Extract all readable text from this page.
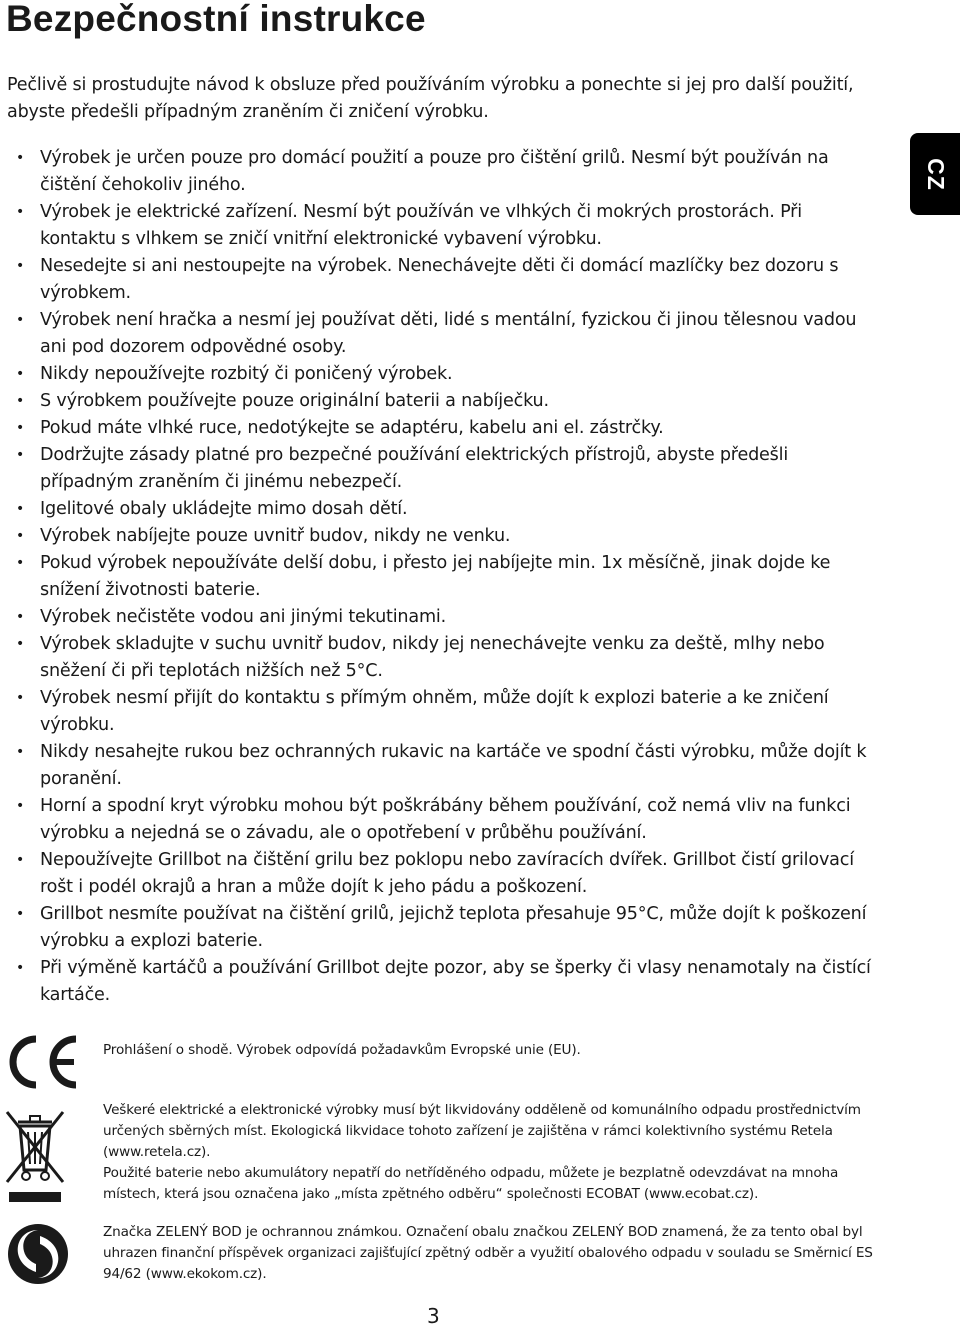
Bezpečnostní instrukce

Pečlivě si prostudujte návod k obsluze před používáním výrobku a ponechte si jej pro další použití, abyste předešli případným zraněním či zničení výrobku.

CZ
• Výrobek je určen pouze pro domácí použití a pouze pro čištění grilů. Nesmí být používán na čištění čehokoliv jiného.
• Výrobek je elektrické zařízení. Nesmí být používán ve vlhkých či mokrých prostorách. Při kontaktu s vlhkem se zničí vnitřní elektronické vybavení výrobku.
• Nesedejte si ani nestoupejte na výrobek. Nenechávejte děti či domácí mazlíčky bez dozoru s výrobkem.
• Výrobek není hračka a nesmí jej používat děti, lidé s mentální, fyzickou či jinou tělesnou vadou ani pod dozorem odpovědné osoby.
• Nikdy nepoužívejte rozbitý či poničený výrobek.
• S výrobkem používejte pouze originální baterii a nabíječku.
• Pokud máte vlhké ruce, nedotýkejte se adaptéru, kabelu ani el. zástrčky.
• Dodržujte zásady platné pro bezpečné používání elektrických přístrojů, abyste předešli případným zraněním či jinému nebezpečí.
• Igelitové obaly ukládejte mimo dosah dětí.
• Výrobek nabíjejte pouze uvnitř budov, nikdy ne venku.
• Pokud výrobek nepoužíváte delší dobu, i přesto jej nabíjejte min. 1x měsíčně, jinak dojde ke snížení životnosti baterie.
• Výrobek nečistěte vodou ani jinými tekutinami.
• Výrobek skladujte v suchu uvnitř budov, nikdy jej nenechávejte venku za deště, mlhy nebo sněžení či při teplotách nižších než 5°C.
• Výrobek nesmí přijít do kontaktu s přímým ohněm, může dojít k explozi baterie a ke zničení výrobku.
• Nikdy nesahejte rukou bez ochranných rukavic na kartáče ve spodní části výrobku, může dojít k poranění.
• Horní a spodní kryt výrobku mohou být poškrábány během používání, což nemá vliv na funkci výrobku a nejedná se o závadu, ale o opotřebení v průběhu používání.
• Nepoužívejte Grillbot na čištění grilu bez poklopu nebo zavíracích dvířek. Grillbot čistí grilovací rošt i podél okrajů a hran a může dojít k jeho pádu a poškození.
• Grillbot nesmíte používat na čištění grilů, jejichž teplota přesahuje 95°C, může dojít k poškození výrobku a explozi baterie.
• Při výměně kartáčů a používání Grillbot dejte pozor, aby se šperky či vlasy nenamotaly na čistící kartáče.

Prohlášení o shodě. Výrobek odpovídá požadavkům Evropské unie (EU).

Veškeré elektrické a elektronické výrobky musí být likvidovány odděleně od komunálního odpadu prostřednictvím určených sběrných míst. Ekologická likvidace tohoto zařízení je zajištěna v rámci kolektivního systému Retela (www.retela.cz).

Použité baterie nebo akumulátory nepatří do netříděného odpadu, můžete je bezplatně odevzdávat na mnoha místech, která jsou označena jako „místa zpětného odběru“ společnosti ECOBAT (www.ecobat.cz).

Značka ZELENÝ BOD je ochrannou známkou. Označení obalu značkou ZELENÝ BOD znamená, že za tento obal byl uhrazen finanční příspěvek organizaci zajišťující zpětný odběr a využití obalového odpadu v souladu se Směrnicí ES 94/62 (www.ekokom.cz).

3
